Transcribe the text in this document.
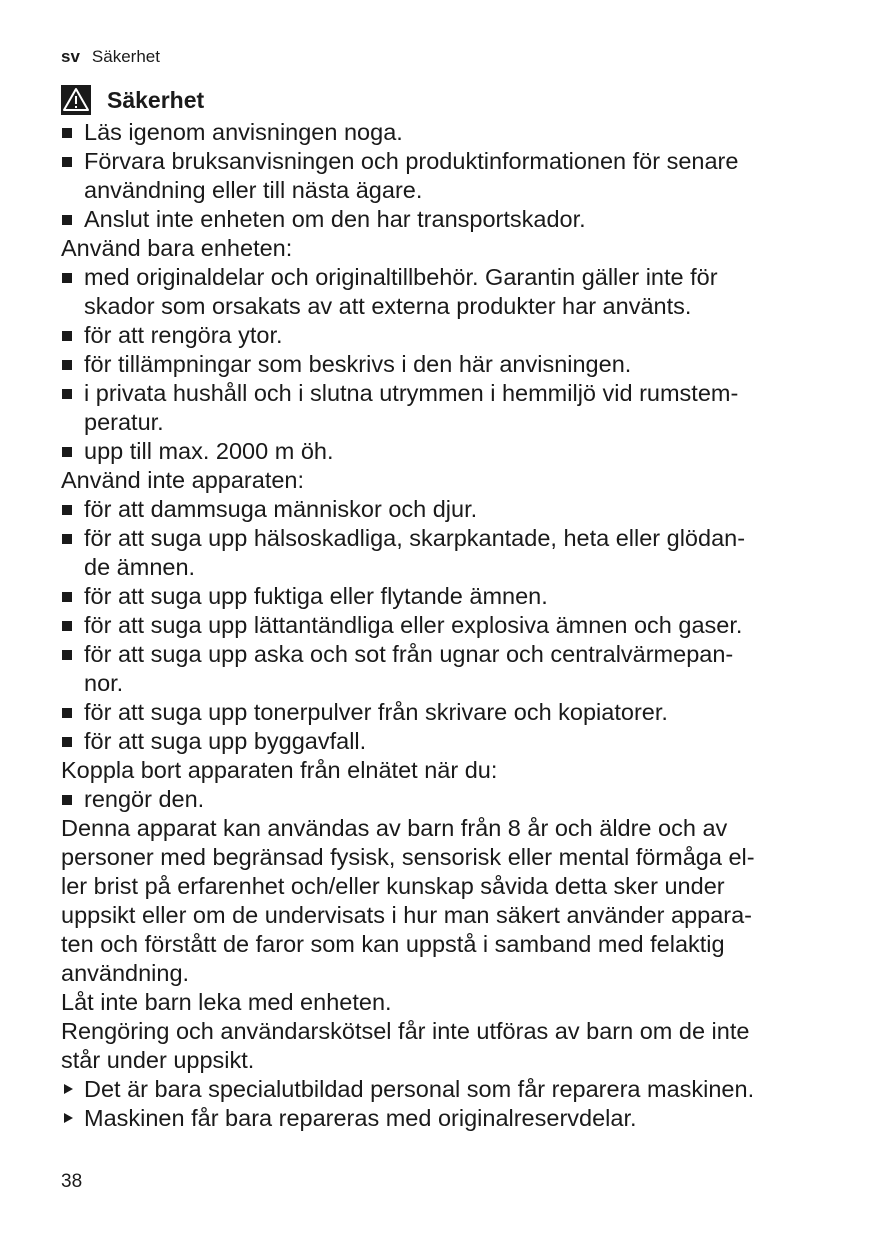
sv Säkerhet
Säkerhet
Läs igenom anvisningen noga.
Förvara bruksanvisningen och produktinformationen för senare
användning eller till nästa ägare.
Anslut inte enheten om den har transportskador.
Använd bara enheten:
med originaldelar och originaltillbehör. Garantin gäller inte för
skador som orsakats av att externa produkter har använts.
för att rengöra ytor.
för tillämpningar som beskrivs i den här anvisningen.
i privata hushåll och i slutna utrymmen i hemmiljö vid rumstem-
peratur.
upp till max. 2000 m öh.
Använd inte apparaten:
för att dammsuga människor och djur.
för att suga upp hälsoskadliga, skarpkantade, heta eller glödan-
de ämnen.
för att suga upp fuktiga eller flytande ämnen.
för att suga upp lättantändliga eller explosiva ämnen och gaser.
för att suga upp aska och sot från ugnar och centralvärmepan-
nor.
för att suga upp tonerpulver från skrivare och kopiatorer.
för att suga upp byggavfall.
Koppla bort apparaten från elnätet när du:
rengör den.
Denna apparat kan användas av barn från 8 år och äldre och av
personer med begränsad fysisk, sensorisk eller mental förmåga el-
ler brist på erfarenhet och/eller kunskap såvida detta sker under
uppsikt eller om de undervisats i hur man säkert använder appara-
ten och förstått de faror som kan uppstå i samband med felaktig
användning.
Låt inte barn leka med enheten.
Rengöring och användarskötsel får inte utföras av barn om de inte
står under uppsikt.
Det är bara specialutbildad personal som får reparera maskinen.
Maskinen får bara repareras med originalreservdelar.
38
